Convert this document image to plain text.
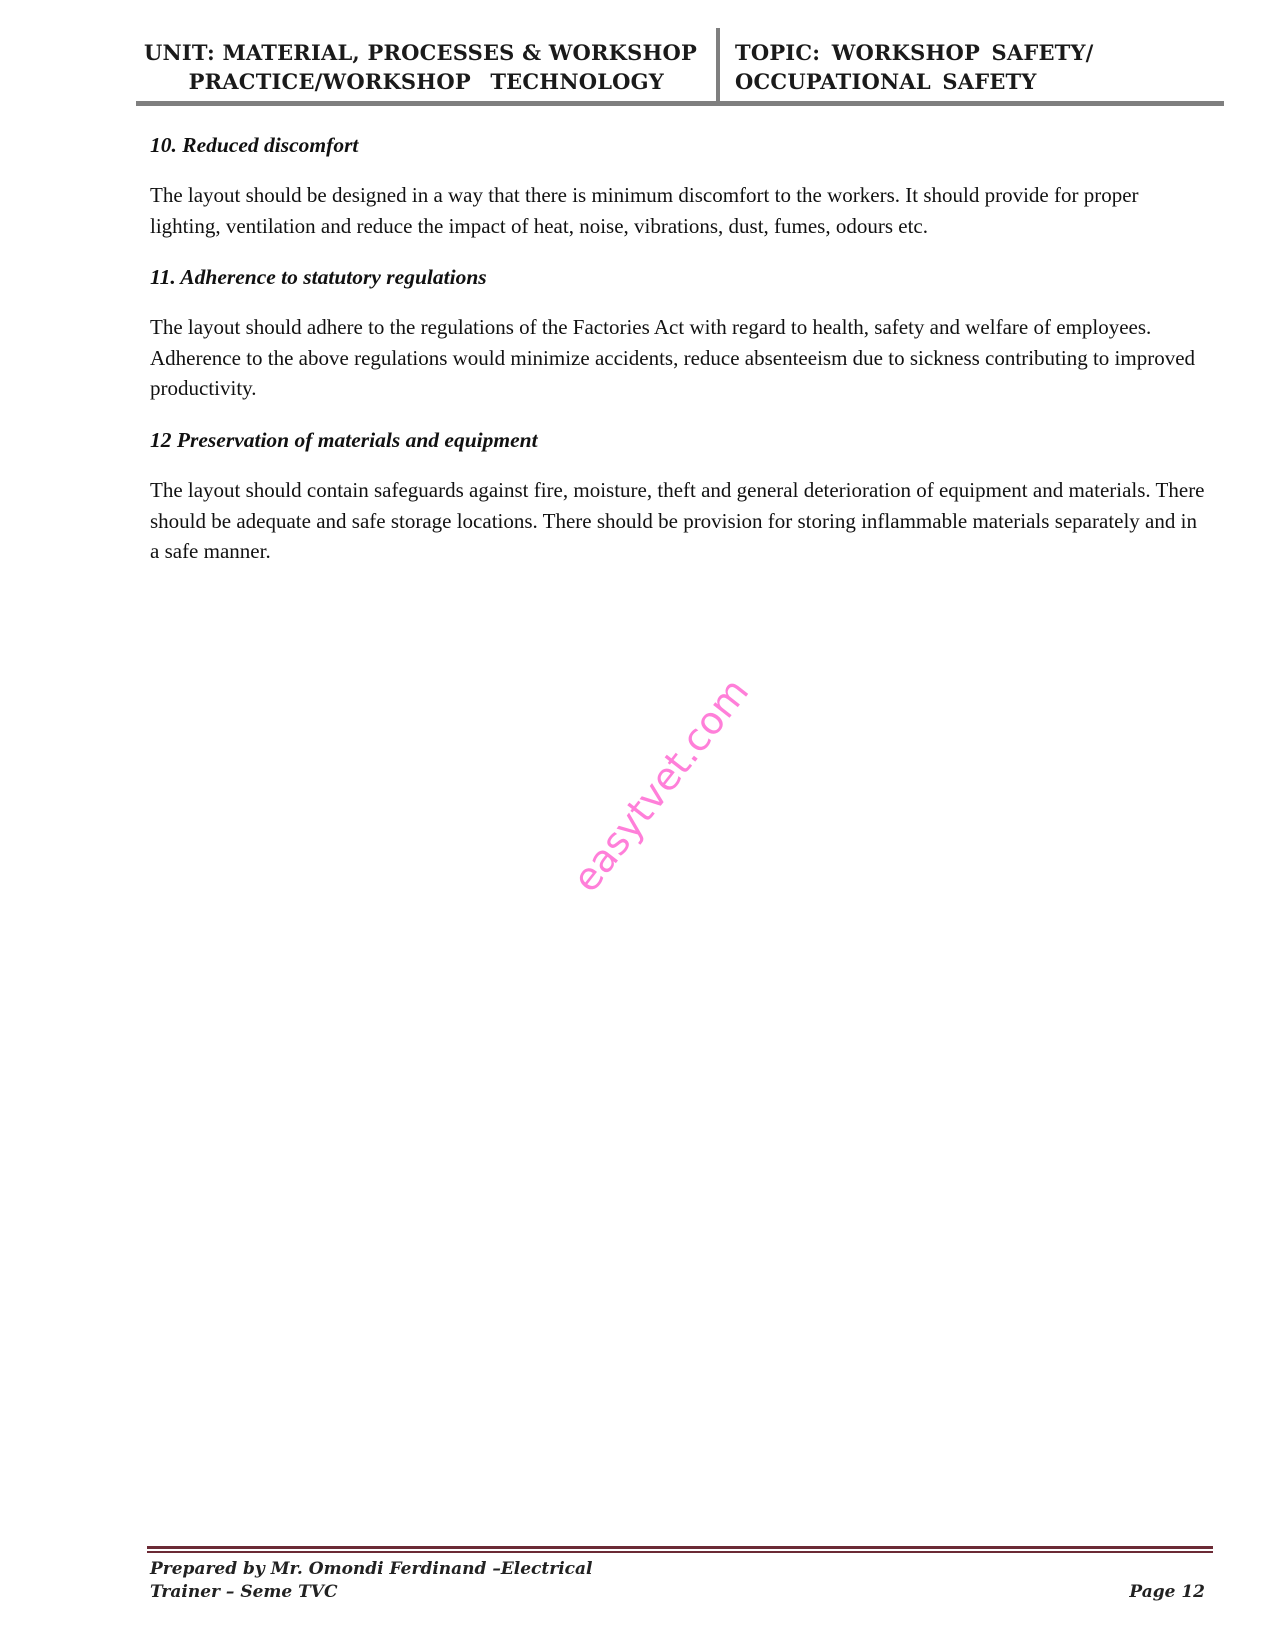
UNIT: MATERIAL, PROCESSES & WORKSHOP
PRACTICE/WORKSHOP TECHNOLOGY
TOPIC: WORKSHOP SAFETY/
OCCUPATIONAL SAFETY
10. Reduced discomfort

The layout should be designed in a way that there is minimum discomfort to the workers. It should provide for proper lighting, ventilation and reduce the impact of heat, noise, vibrations, dust, fumes, odours etc.

11. Adherence to statutory regulations

The layout should adhere to the regulations of the Factories Act with regard to health, safety and welfare of employees. Adherence to the above regulations would minimize accidents, reduce absenteeism due to sickness contributing to improved productivity.

12 Preservation of materials and equipment

The layout should contain safeguards against fire, moisture, theft and general deterioration of equipment and materials. There should be adequate and safe storage locations. There should be provision for storing inflammable materials separately and in a safe manner.

easytvet.com
Prepared by Mr. Omondi Ferdinand –Electrical
Trainer – Seme TVC	Page 12
